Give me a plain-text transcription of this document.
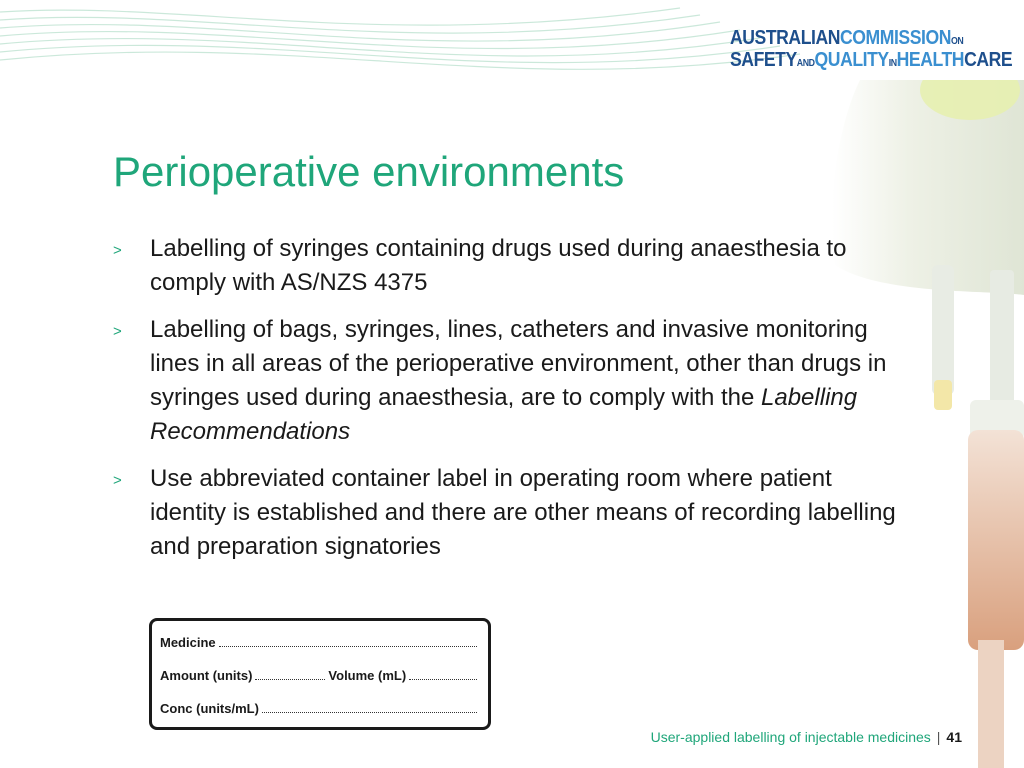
AUSTRALIANCOMMISSIONON
SAFETYANDQUALITYINHEALTHCARE
Perioperative environments
> Labelling of syringes containing drugs used during anaesthesia to comply with AS/NZS 4375
> Labelling of bags, syringes, lines, catheters and invasive monitoring lines in all areas of the perioperative environment, other than drugs in syringes used during anaesthesia, are to comply with the Labelling Recommendations
> Use abbreviated container label in operating room where patient identity is established and there are other means of recording labelling and preparation signatories
Medicine
Amount (units)	Volume (mL)
Conc (units/mL)
User-applied labelling of injectable medicines | 41
